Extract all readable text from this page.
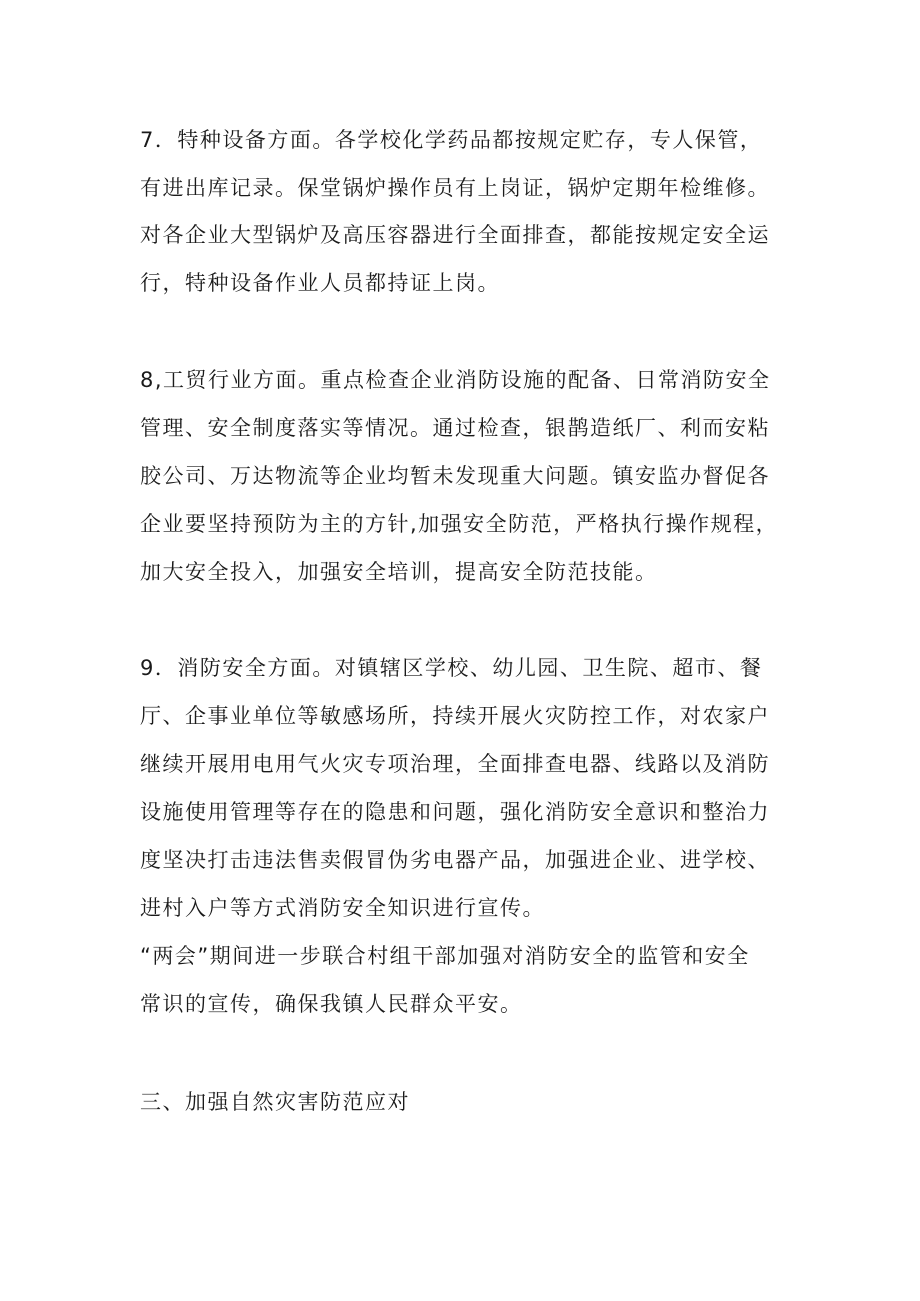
7．特种设备方面。各学校化学药品都按规定贮存，专人保管，
有进出库记录。保堂锅炉操作员有上岗证，锅炉定期年检维修。
对各企业大型锅炉及高压容器进行全面排查，都能按规定安全运
行，特种设备作业人员都持证上岗。
8,工贸行业方面。重点检查企业消防设施的配备、日常消防安全
管理、安全制度落实等情况。通过检查，银鹊造纸厂、利而安粘
胶公司、万达物流等企业均暂未发现重大问题。镇安监办督促各
企业要坚持预防为主的方针,加强安全防范，严格执行操作规程，
加大安全投入，加强安全培训，提高安全防范技能。
9．消防安全方面。对镇辖区学校、幼儿园、卫生院、超市、餐
厅、企事业单位等敏感场所，持续开展火灾防控工作，对农家户
继续开展用电用气火灾专项治理，全面排查电器、线路以及消防
设施使用管理等存在的隐患和问题，强化消防安全意识和整治力
度坚决打击违法售卖假冒伪劣电器产品，加强进企业、进学校、
进村入户等方式消防安全知识进行宣传。
“两会”期间进一步联合村组干部加强对消防安全的监管和安全
常识的宣传，确保我镇人民群众平安。
三、加强自然灾害防范应对
